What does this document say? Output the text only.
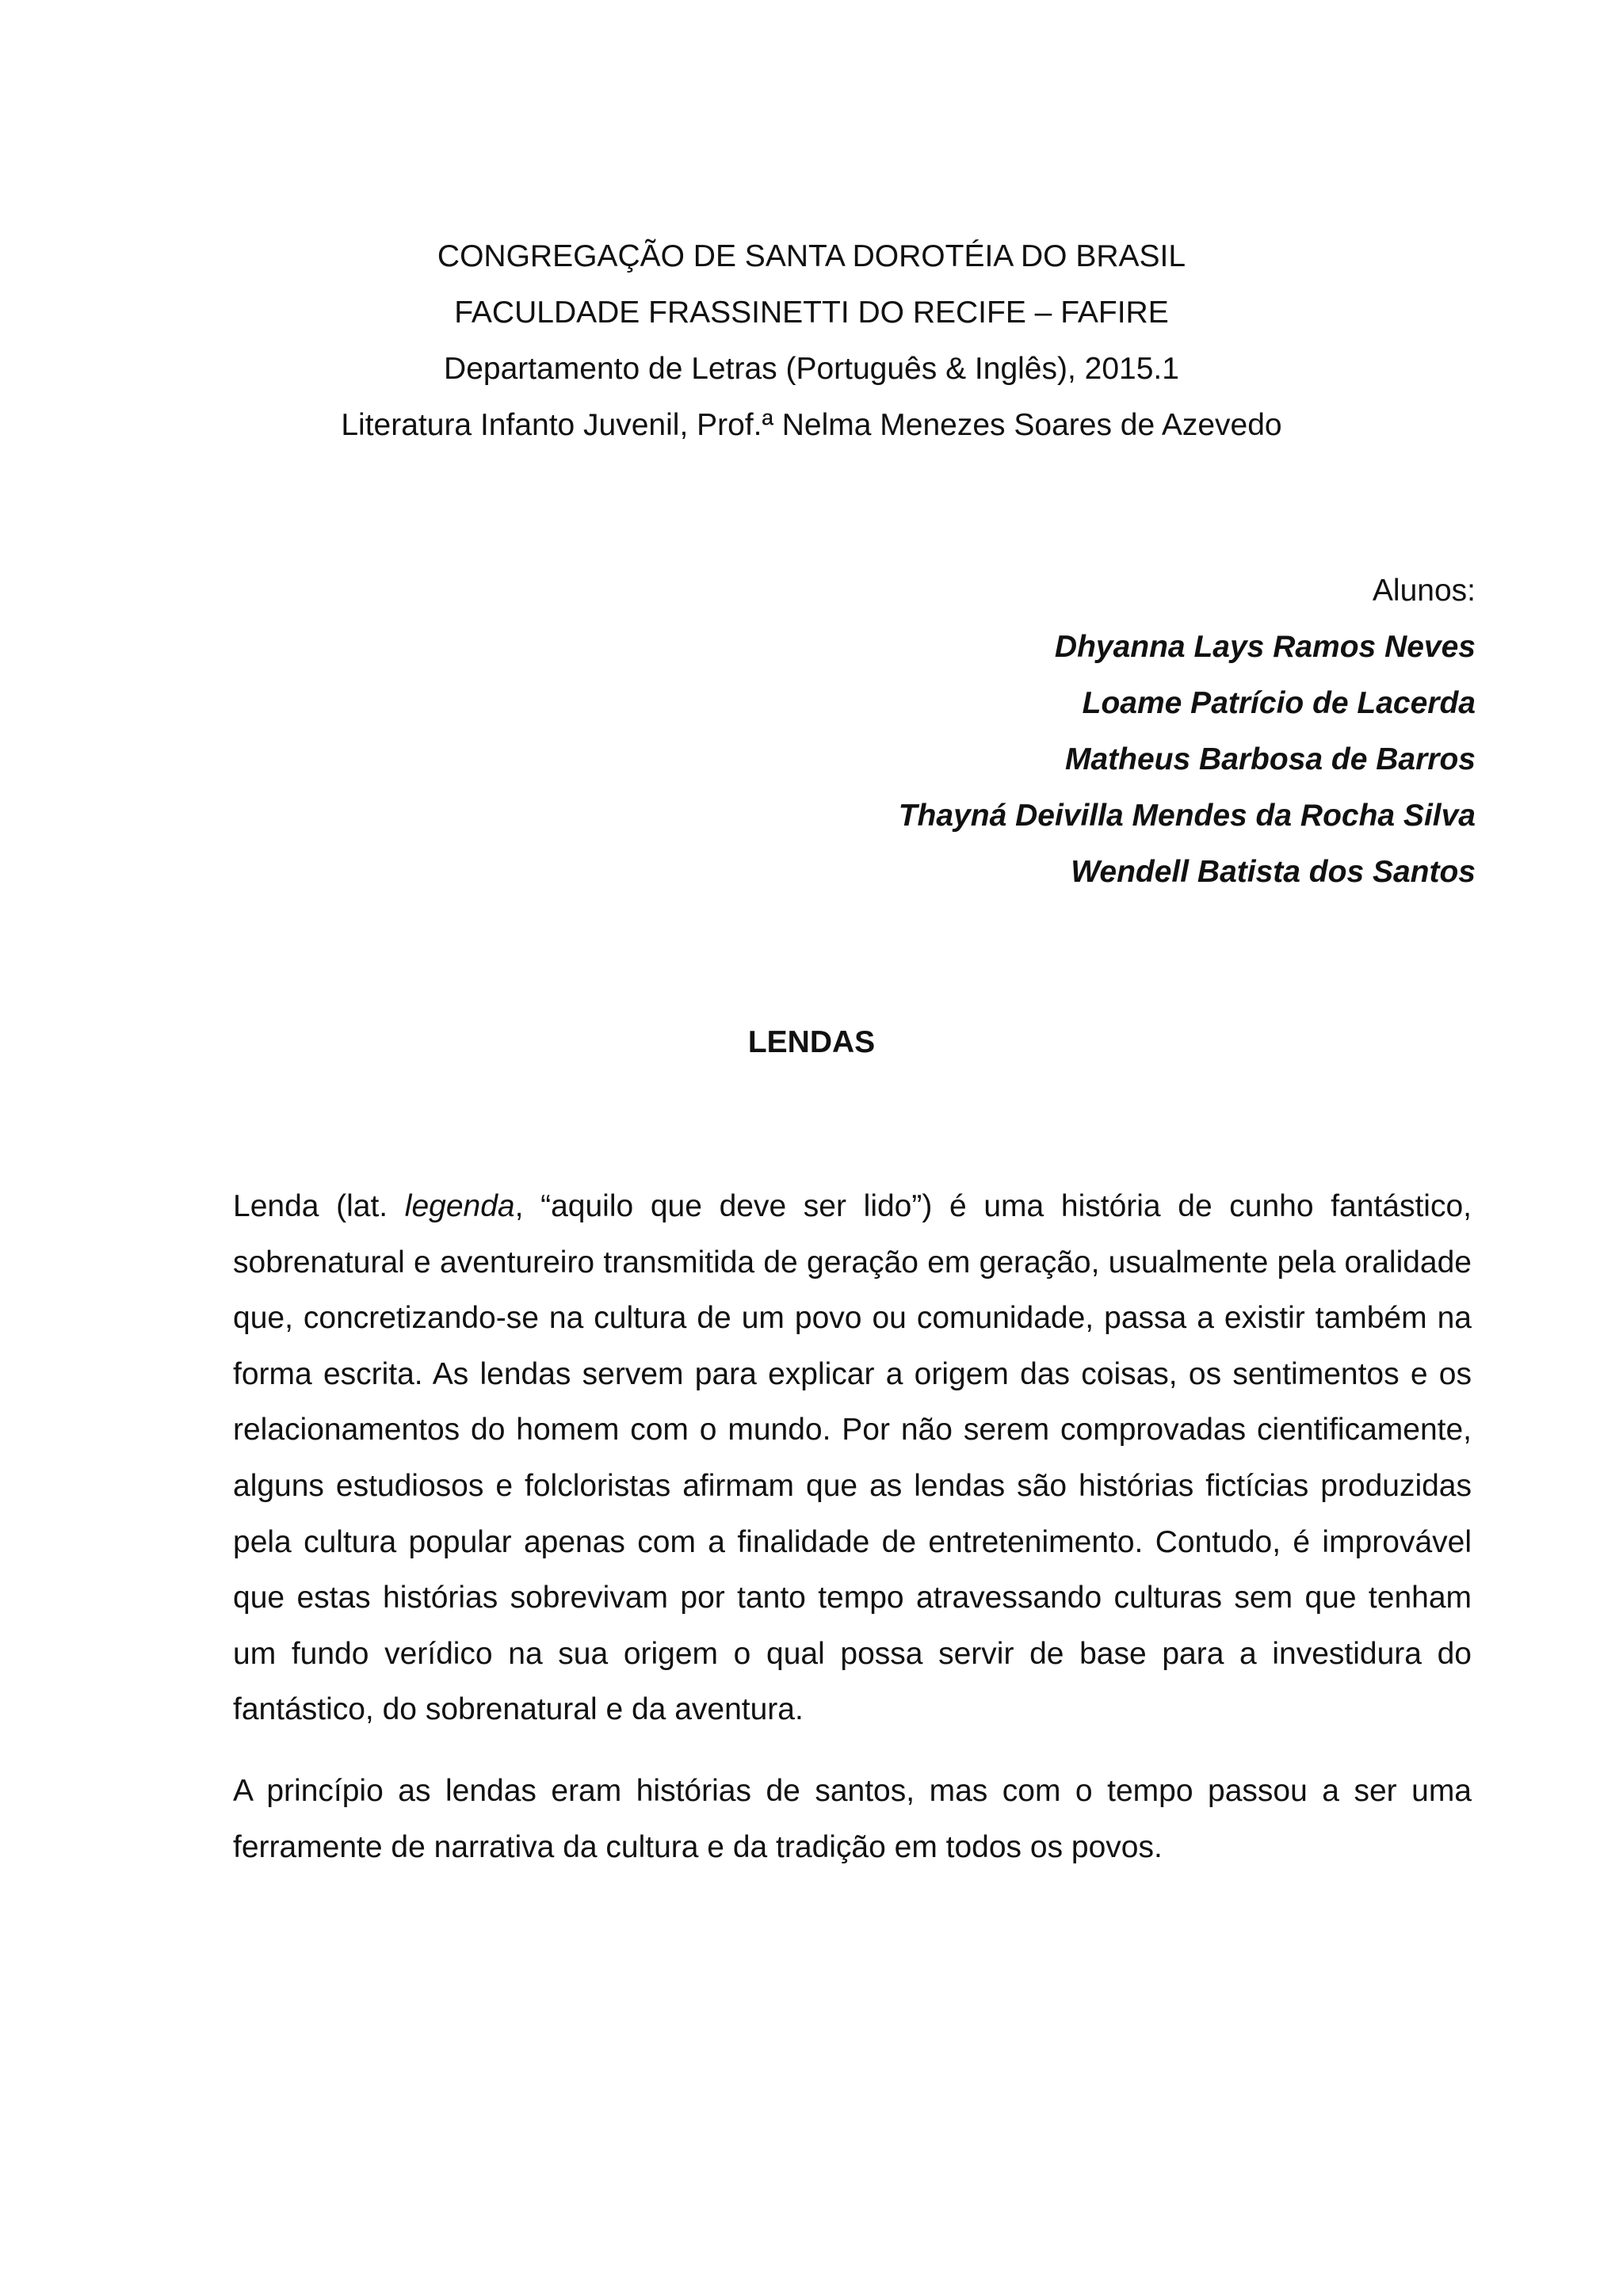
CONGREGAÇÃO DE SANTA DOROTÉIA DO BRASIL
FACULDADE FRASSINETTI DO RECIFE – FAFIRE
Departamento de Letras (Português & Inglês), 2015.1
Literatura Infanto Juvenil, Prof.ª Nelma Menezes Soares de Azevedo
Alunos:
Dhyanna Lays Ramos Neves
Loame Patrício de Lacerda
Matheus Barbosa de Barros
Thayná Deivilla Mendes da Rocha Silva
Wendell Batista dos Santos
LENDAS

Lenda (lat. legenda, “aquilo que deve ser lido”) é uma história de cunho fantástico, sobrenatural e aventureiro transmitida de geração em geração, usualmente pela oralidade que, concretizando-se na cultura de um povo ou comunidade, passa a existir também na forma escrita. As lendas servem para explicar a origem das coisas, os sentimentos e os relacionamentos do homem com o mundo. Por não serem comprovadas cientificamente, alguns estudiosos e folcloristas afirmam que as lendas são histórias fictícias produzidas pela cultura popular apenas com a finalidade de entretenimento. Contudo, é improvável que estas histórias sobrevivam por tanto tempo atravessando culturas sem que tenham um fundo verídico na sua origem o qual possa servir de base para a investidura do fantástico, do sobrenatural e da aventura.

A princípio as lendas eram histórias de santos, mas com o tempo passou a ser uma ferramente de narrativa da cultura e da tradição em todos os povos.
